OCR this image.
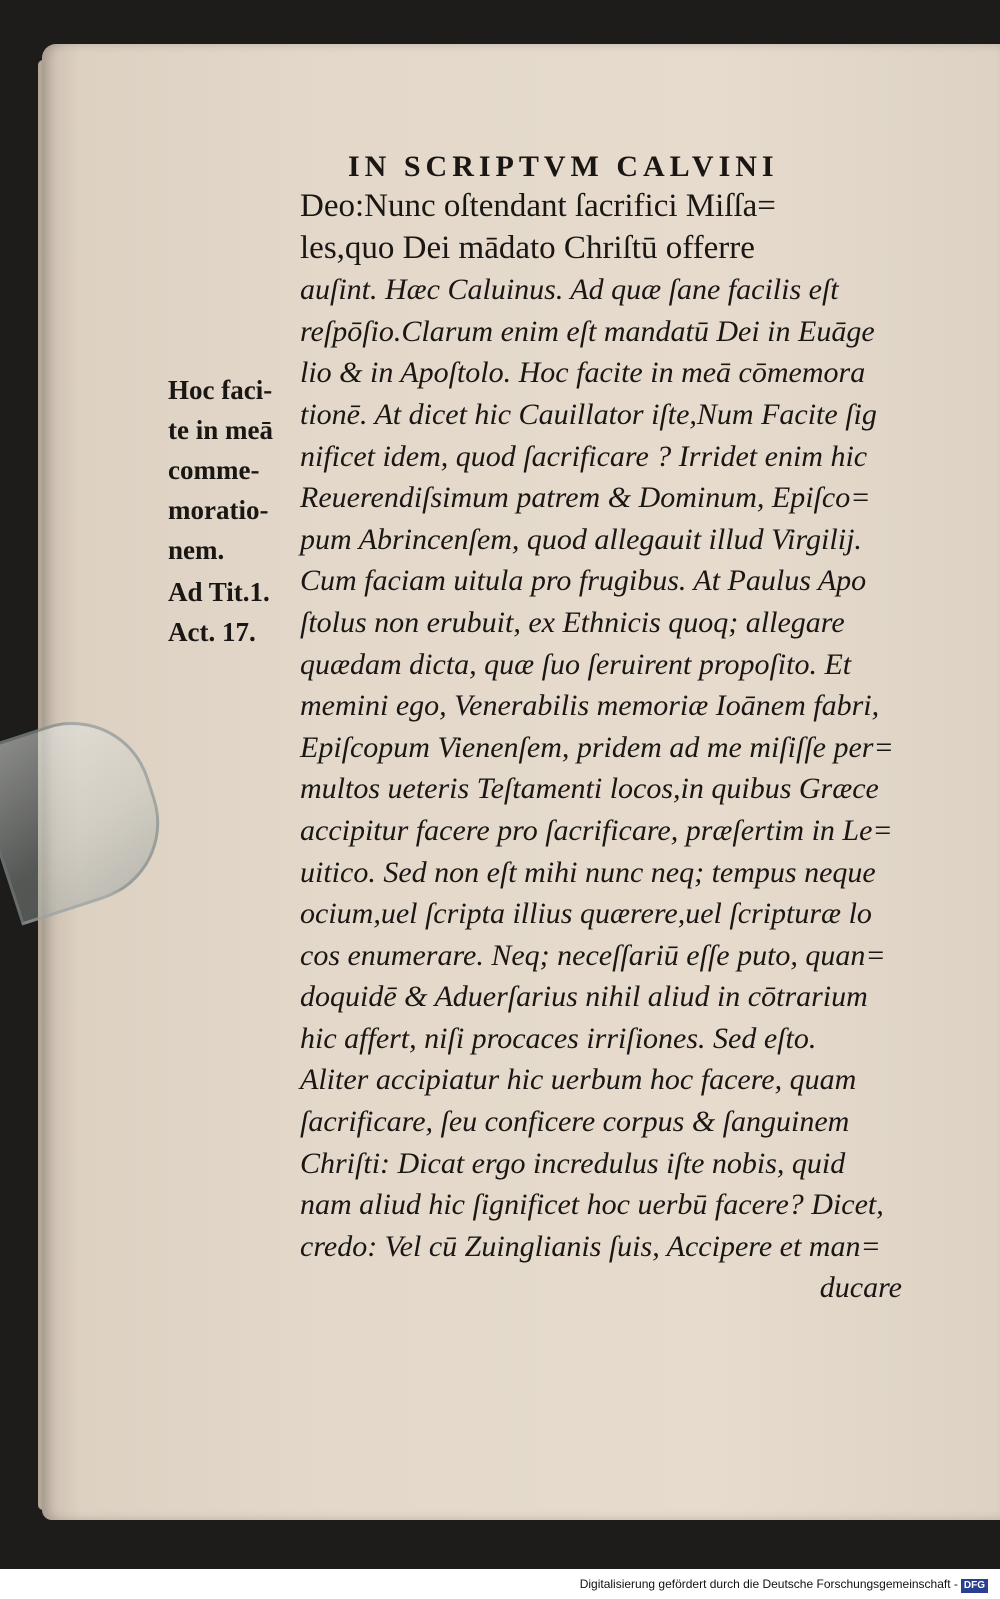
IN SCRIPTVM CALVINI
Deo:Nunc oſtendant ſacrifici Miſſa=
les,quo Dei mādato Chriſtū offerre
auſint. Hæc Caluinus. Ad quæ ſane facilis eſt
reſpōſio.Clarum enim eſt mandatū Dei in Euāge
lio & in Apoſtolo. Hoc facite in meā cōmemora
tionē. At dicet hic Cauillator iſte,Num Facite ſig
nificet idem, quod ſacrificare ? Irridet enim hic
Reuerendiſsimum patrem & Dominum, Epiſco=
pum Abrincenſem, quod allegauit illud Virgilij.
Cum faciam uitula pro frugibus. At Paulus Apo
ſtolus non erubuit, ex Ethnicis quoq; allegare
quædam dicta, quæ ſuo ſeruirent propoſito. Et
memini ego, Venerabilis memoriæ Ioānem fabri,
Epiſcopum Vienenſem, pridem ad me miſiſſe per=
multos ueteris Teſtamenti locos,in quibus Græce
accipitur facere pro ſacrificare, præſertim in Le=
uitico. Sed non eſt mihi nunc neq; tempus neque
ocium,uel ſcripta illius quærere,uel ſcripturæ lo
cos enumerare. Neq; neceſſariū eſſe puto, quan=
doquidē & Aduerſarius nihil aliud in cōtrarium
hic affert, niſi procaces irriſiones. Sed eſto.
Aliter accipiatur hic uerbum hoc facere, quam
ſacrificare, ſeu conficere corpus & ſanguinem
Chriſti: Dicat ergo incredulus iſte nobis, quid
nam aliud hic ſignificet hoc uerbū facere? Dicet,
credo: Vel cū Zuinglianis ſuis, Accipere et man=
ducare
Hoc faci-
te in meā
comme-
moratio-
nem.
Ad Tit.1.
Act. 17.
Digitalisierung gefördert durch die Deutsche Forschungsgemeinschaft - DFG
